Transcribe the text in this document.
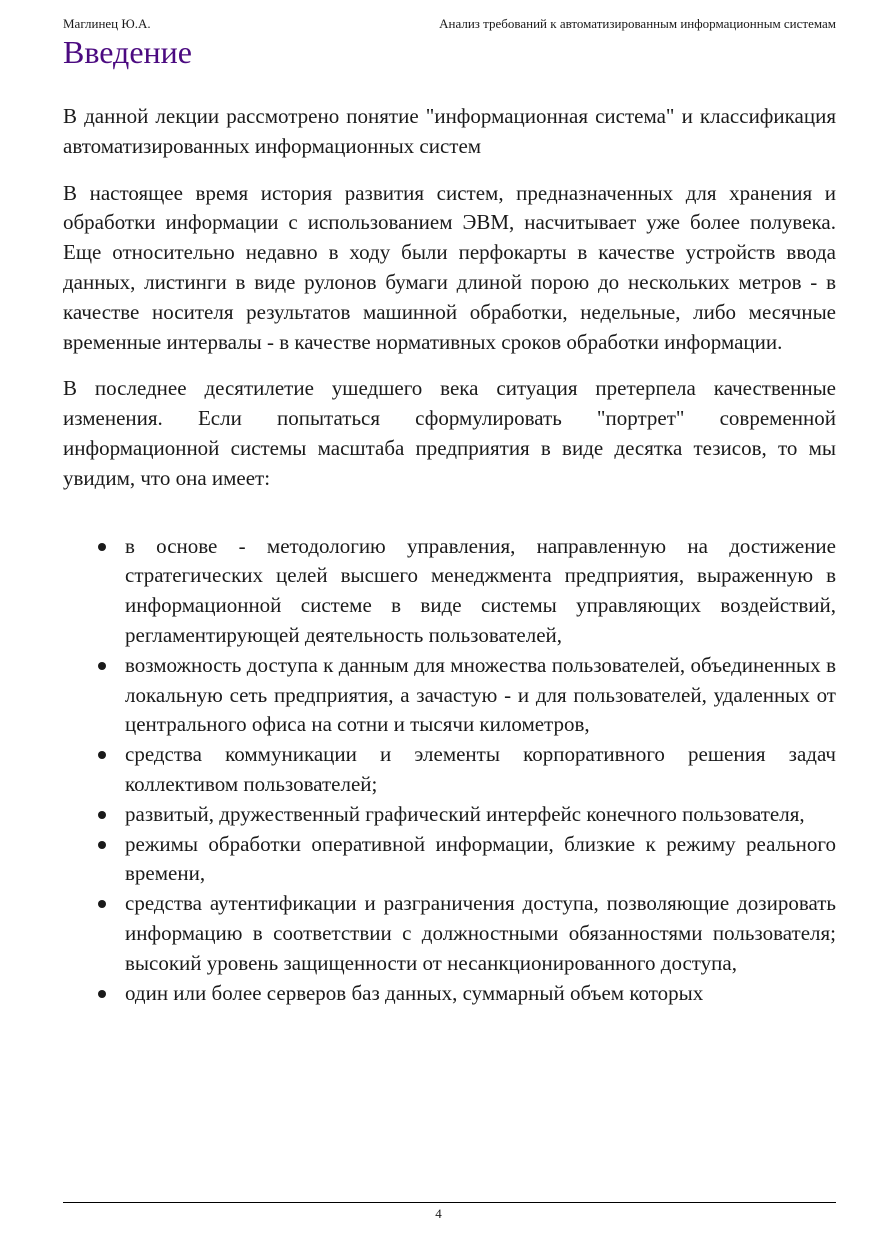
Маглинец Ю.А.	Анализ требований к автоматизированным информационным системам
Введение

В данной лекции рассмотрено понятие "информационная система" и классификация автоматизированных информационных систем

В настоящее время история развития систем, предназначенных для хранения и обработки информации с использованием ЭВМ, насчитывает уже более полувека. Еще относительно недавно в ходу были перфокарты в качестве устройств ввода данных, листинги в виде рулонов бумаги длиной порою до нескольких метров - в качестве носителя результатов машинной обработки, недельные, либо месячные временные интервалы - в качестве нормативных сроков обработки информации.

В последнее десятилетие ушедшего века ситуация претерпела качественные изменения. Если попытаться сформулировать "портрет" современной информационной системы масштаба предприятия в виде десятка тезисов, то мы увидим, что она имеет:

в основе - методологию управления, направленную на достижение стратегических целей высшего менеджмента предприятия, выраженную в информационной системе в виде системы управляющих воздействий, регламентирующей деятельность пользователей,
возможность доступа к данным для множества пользователей, объединенных в локальную сеть предприятия, а зачастую - и для пользователей, удаленных от центрального офиса на сотни и тысячи километров,
средства коммуникации и элементы корпоративного решения задач коллективом пользователей;
развитый, дружественный графический интерфейс конечного пользователя,
режимы обработки оперативной информации, близкие к режиму реального времени,
средства аутентификации и разграничения доступа, позволяющие дозировать информацию в соответствии с должностными обязанностями пользователя; высокий уровень защищенности от несанкционированного доступа,
один или более серверов баз данных, суммарный объем которых
4
